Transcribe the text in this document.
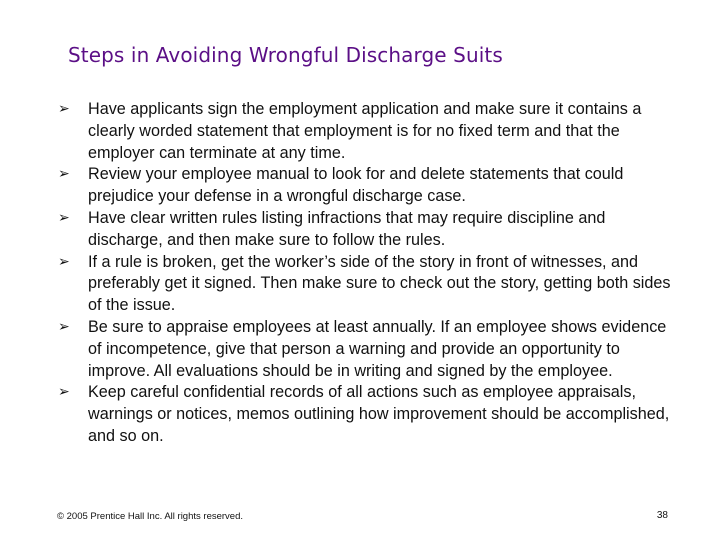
Steps in Avoiding Wrongful Discharge Suits
➢	Have applicants sign the employment application and make sure it contains a clearly worded statement that employment is for no fixed term and that the employer can terminate at any time.
➢	Review your employee manual to look for and delete statements that could prejudice your defense in a wrongful discharge case.
➢	Have clear written rules listing infractions that may require discipline and discharge, and then make sure to follow the rules.
➢	If a rule is broken, get the worker’s side of the story in front of witnesses, and preferably get it signed. Then make sure to check out the story, getting both sides of the issue.
➢	Be sure to appraise employees at least annually. If an employee shows evidence of incompetence, give that person a warning and provide an opportunity to improve. All evaluations should be in writing and signed by the employee.
➢	Keep careful confidential records of all actions such as employee appraisals, warnings or notices, memos outlining how improvement should be accomplished, and so on.
© 2005 Prentice Hall Inc. All rights reserved.	38
